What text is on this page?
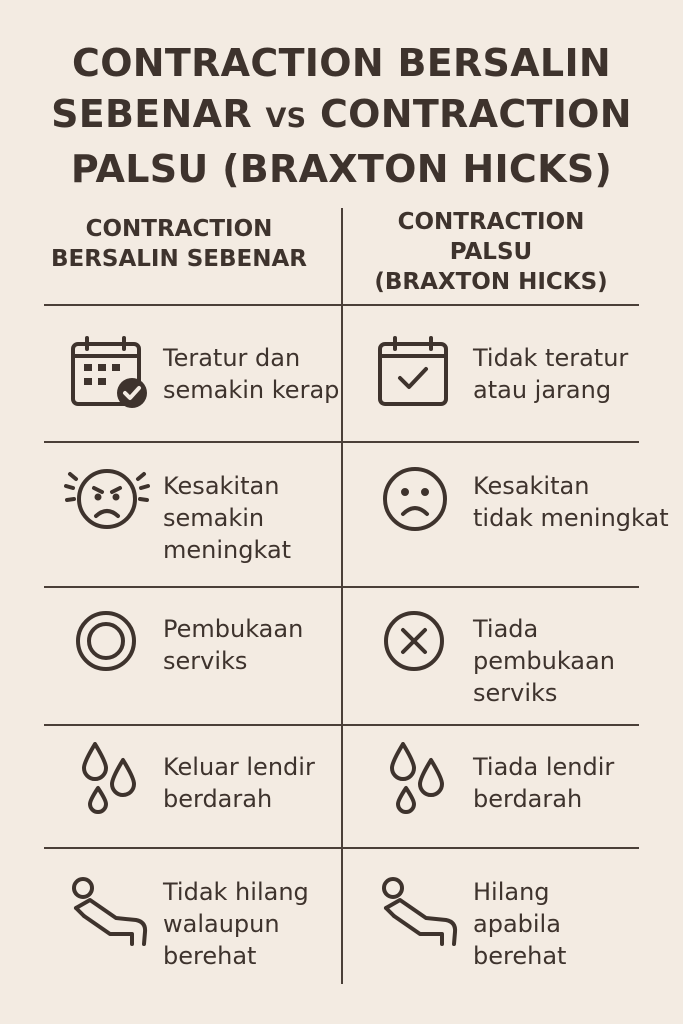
CONTRACTION BERSALIN
SEBENAR VS CONTRACTION
PALSU (BRAXTON HICKS)
CONTRACTION
BERSALIN SEBENAR
CONTRACTION
PALSU
(BRAXTON HICKS)
Teratur dan
semakin kerap
Tidak teratur
atau jarang
Kesakitan
semakin
meningkat
Kesakitan
tidak meningkat
Pembukaan
serviks
Tiada
pembukaan
serviks
Keluar lendir
berdarah
Tiada lendir
berdarah
Tidak hilang
walaupun
berehat
Hilang
apabila
berehat
